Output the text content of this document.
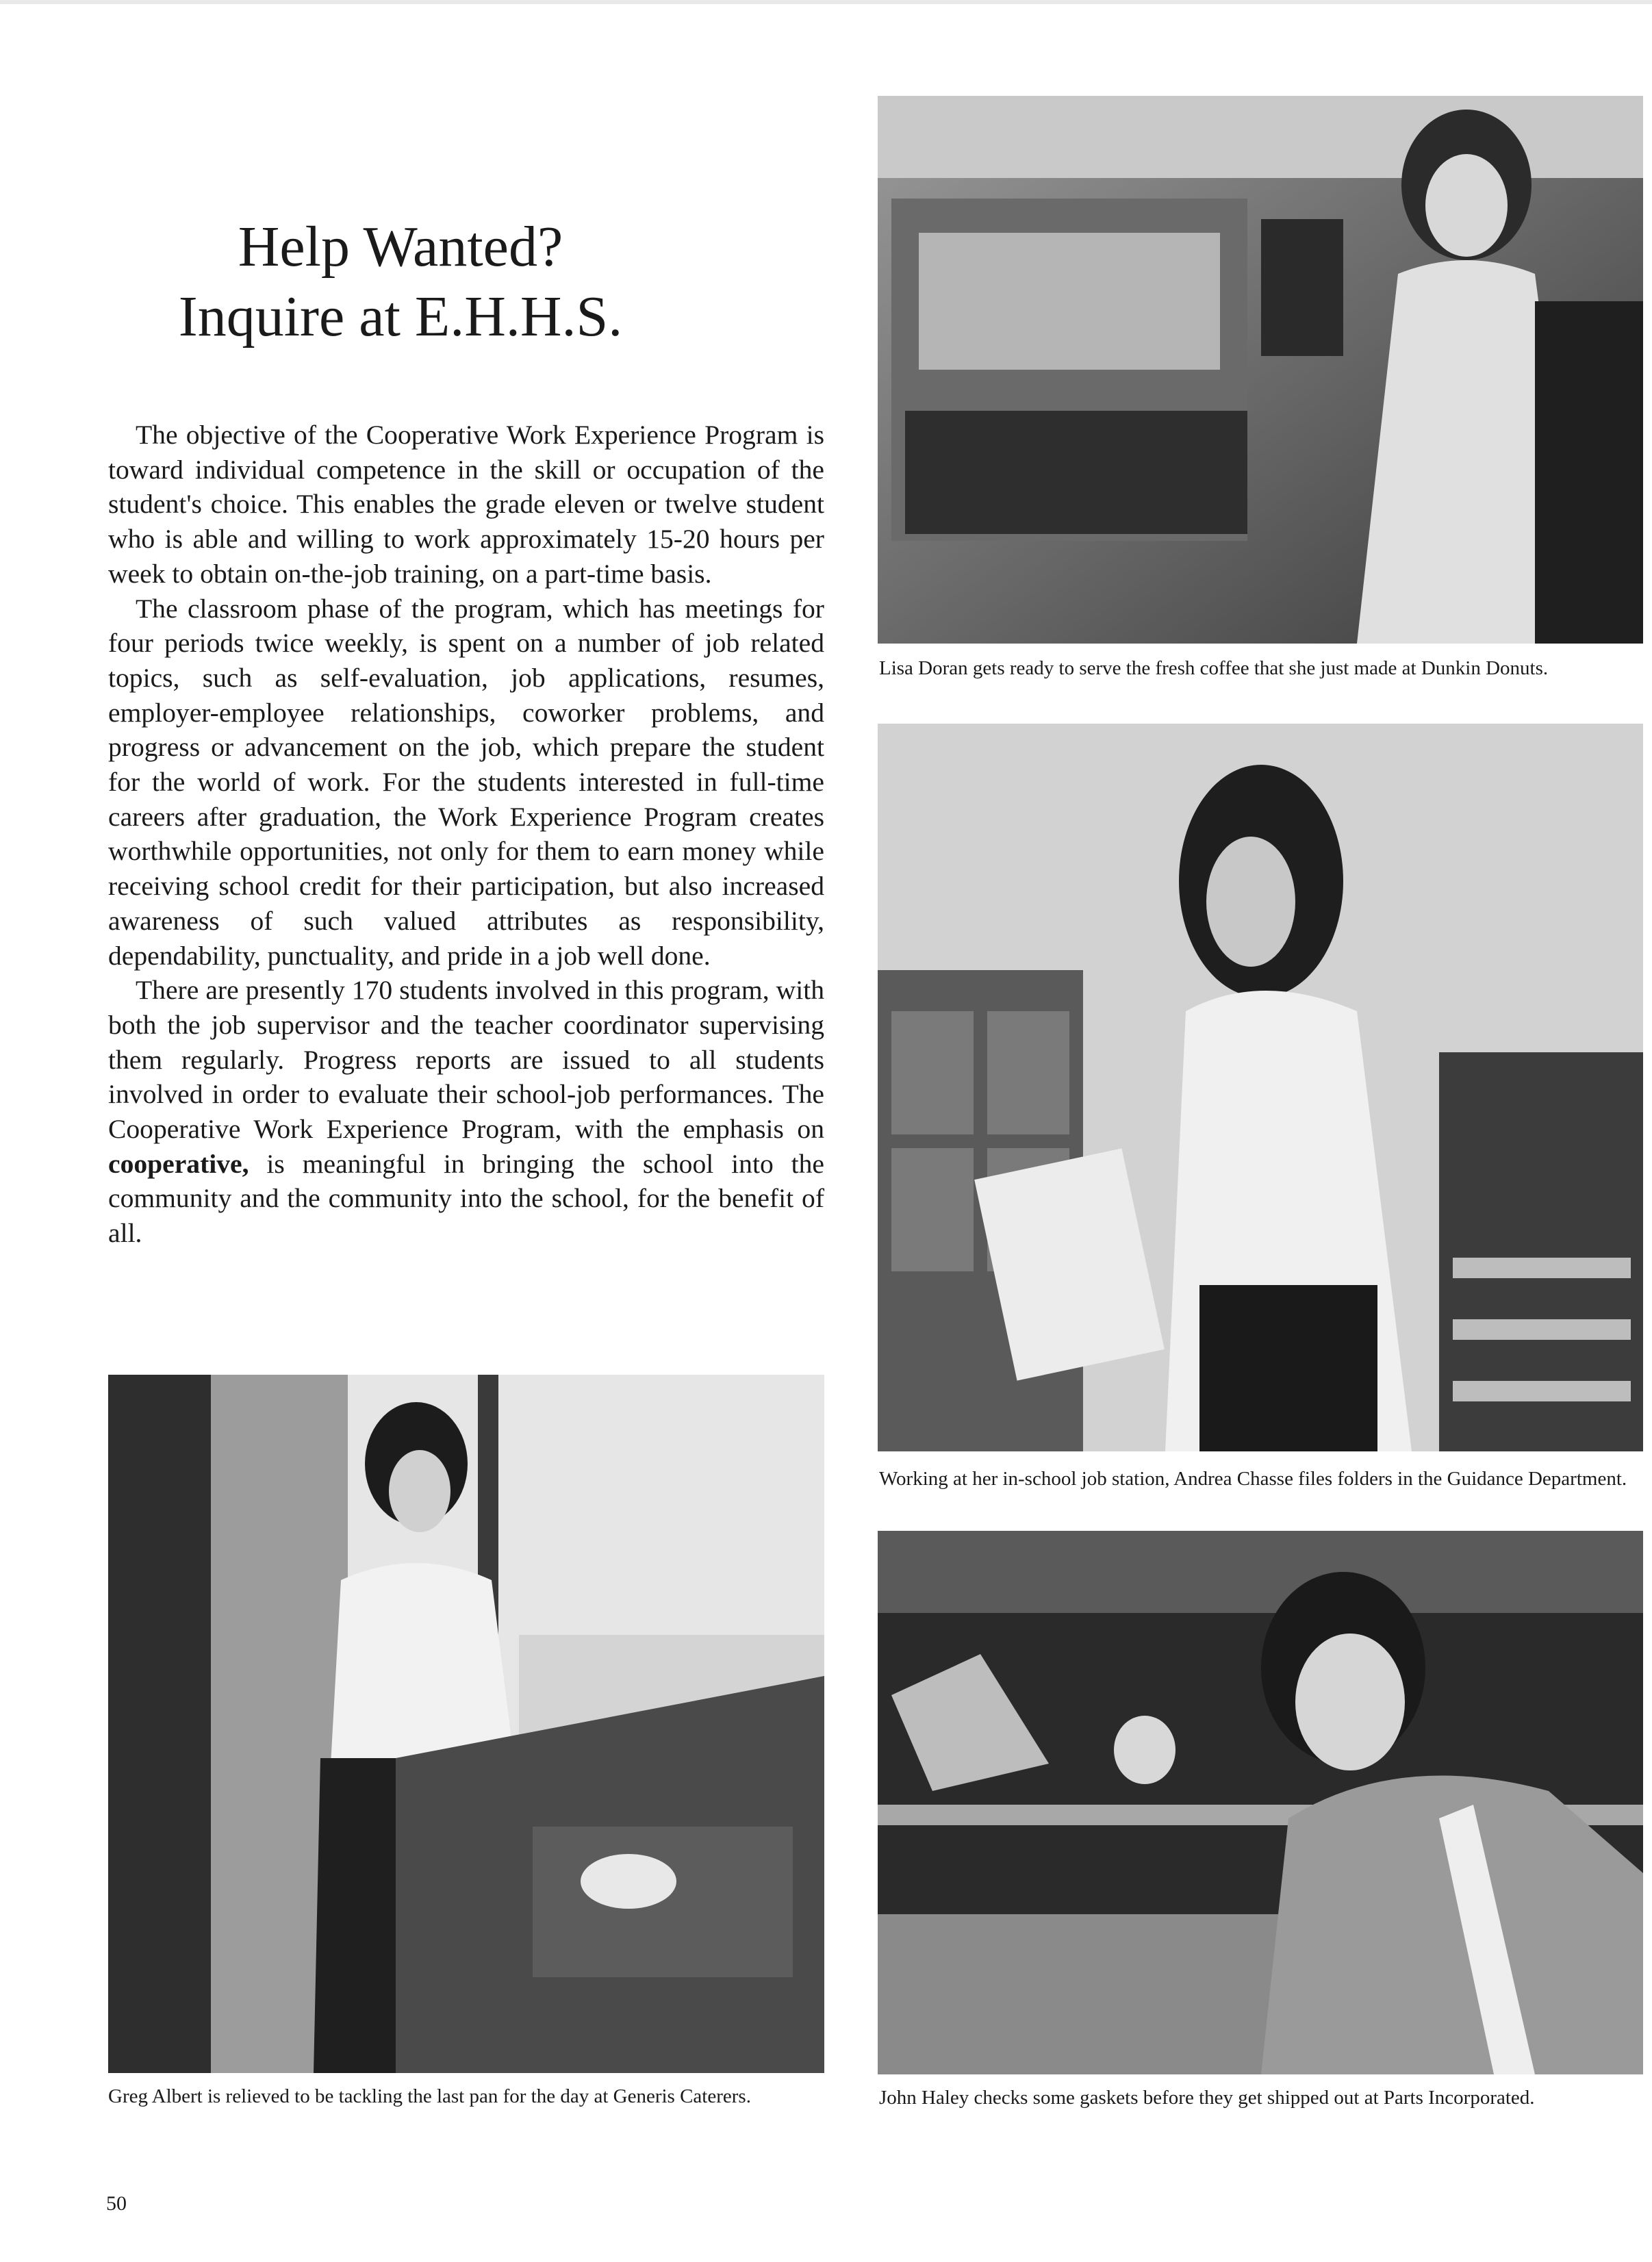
Help Wanted?
Inquire at E.H.H.S.

The objective of the Cooperative Work Experience Program is toward individual competence in the skill or occupation of the student's choice. This enables the grade eleven or twelve student who is able and willing to work approximately 15-20 hours per week to obtain on-the-job training, on a part-time basis.

The classroom phase of the program, which has meetings for four periods twice weekly, is spent on a number of job related topics, such as self-evaluation, job applications, resumes, employer-employee relationships, coworker problems, and progress or advancement on the job, which prepare the student for the world of work. For the students interested in full-time careers after graduation, the Work Experience Program creates worthwhile opportunities, not only for them to earn money while receiving school credit for their participation, but also increased awareness of such valued attributes as responsibility, dependability, punctuality, and pride in a job well done.

There are presently 170 students involved in this program, with both the job supervisor and the teacher coordinator supervising them regularly. Progress reports are issued to all students involved in order to evaluate their school-job performances. The Cooperative Work Experience Program, with the emphasis on cooperative, is meaningful in bringing the school into the community and the community into the school, for the benefit of all.

Lisa Doran gets ready to serve the fresh coffee that she just made at Dunkin Donuts.

Working at her in-school job station, Andrea Chasse files folders in the Guidance Department.

Greg Albert is relieved to be tackling the last pan for the day at Generis Caterers.	John Haley checks some gaskets before they get shipped out at Parts Incorporated.

50
